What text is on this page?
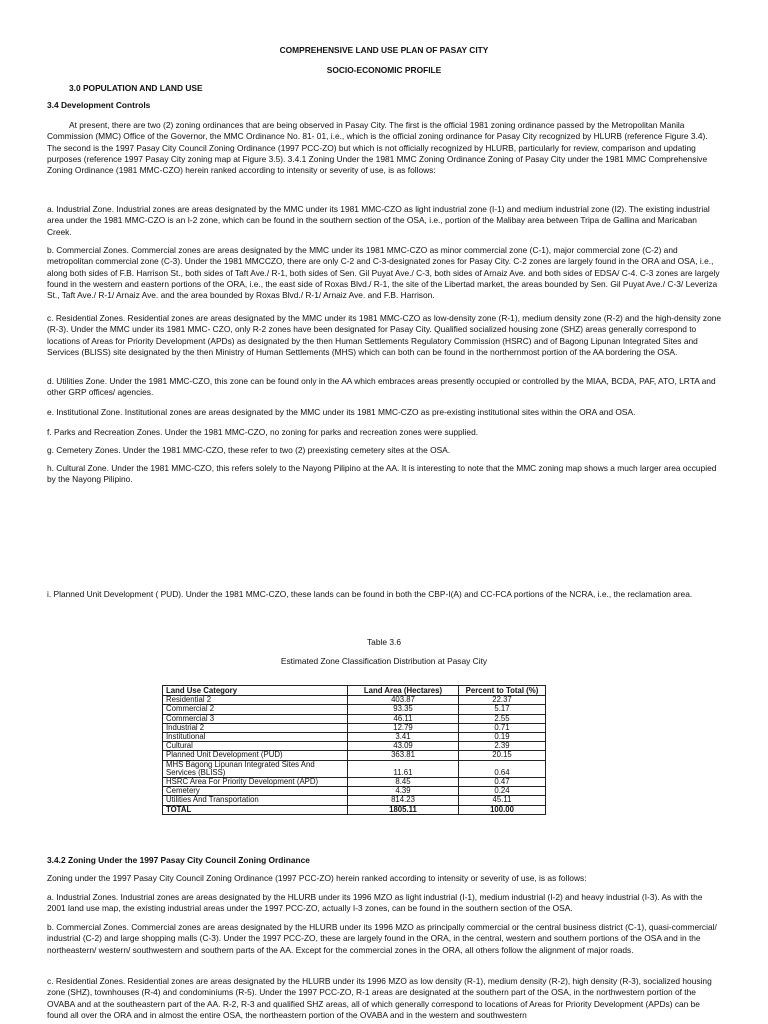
COMPREHENSIVE LAND USE PLAN OF PASAY CITY
SOCIO-ECONOMIC PROFILE
3.0 POPULATION AND LAND USE
3.4 Development Controls

At present, there are two (2) zoning ordinances that are being observed in Pasay City. The first is the official 1981 zoning ordinance passed by the Metropolitan Manila Commission (MMC) Office of the Governor, the MMC Ordinance No. 81- 01, i.e., which is the official zoning ordinance for Pasay City recognized by HLURB (reference Figure 3.4). The second is the 1997 Pasay City Council Zoning Ordinance (1997 PCC-ZO) but which is not officially recognized by HLURB, particularly for review, comparison and updating purposes (reference 1997 Pasay City zoning map at Figure 3.5). 3.4.1 Zoning Under the 1981 MMC Zoning Ordinance Zoning of Pasay City under the 1981 MMC Comprehensive Zoning Ordinance (1981 MMC-CZO) herein ranked according to intensity or severity of use, is as follows:

a. Industrial Zone. Industrial zones are areas designated by the MMC under its 1981 MMC-CZO as light industrial zone (I-1) and medium industrial zone (I2). The existing industrial area under the 1981 MMC-CZO is an I-2 zone, which can be found in the southern section of the OSA, i.e., portion of the Malibay area between Tripa de Gallina and Maricaban Creek.

b. Commercial Zones. Commercial zones are areas designated by the MMC under its 1981 MMC-CZO as minor commercial zone (C-1), major commercial zone (C-2) and metropolitan commercial zone (C-3). Under the 1981 MMCCZO, there are only C-2 and C-3-designated zones for Pasay City. C-2 zones are largely found in the ORA and OSA, i.e., along both sides of F.B. Harrison St., both sides of Taft Ave./ R-1, both sides of Sen. Gil Puyat Ave./ C-3, both sides of Arnaiz Ave. and both sides of EDSA/ C-4. C-3 zones are largely found in the western and eastern portions of the ORA, i.e., the east side of Roxas Blvd./ R-1, the site of the Libertad market, the areas bounded by Sen. Gil Puyat Ave./ C-3/ Leveriza St., Taft Ave./ R-1/ Arnaiz Ave. and the area bounded by Roxas Blvd./ R-1/ Arnaiz Ave. and F.B. Harrison.

c. Residential Zones. Residential zones are areas designated by the MMC under its 1981 MMC-CZO as low-density zone (R-1), medium density zone (R-2) and the high-density zone (R-3). Under the MMC under its 1981 MMC- CZO, only R-2 zones have been designated for Pasay City. Qualified socialized housing zone (SHZ) areas generally correspond to locations of Areas for Priority Development (APDs) as designated by the then Human Settlements Regulatory Commission (HSRC) and of Bagong Lipunan Integrated Sites and Services (BLISS) site designated by the then Ministry of Human Settlements (MHS) which can both can be found in the northernmost portion of the AA bordering the OSA.

d. Utilities Zone. Under the 1981 MMC-CZO, this zone can be found only in the AA which embraces areas presently occupied or controlled by the MIAA, BCDA, PAF, ATO, LRTA and other GRP offices/ agencies.

e. Institutional Zone. Institutional zones are areas designated by the MMC under its 1981 MMC-CZO as pre-existing institutional sites within the ORA and OSA.

f. Parks and Recreation Zones. Under the 1981 MMC-CZO, no zoning for parks and recreation zones were supplied.

g. Cemetery Zones. Under the 1981 MMC-CZO, these refer to two (2) preexisting cemetery sites at the OSA.

h. Cultural Zone. Under the 1981 MMC-CZO, this refers solely to the Nayong Pilipino at the AA. It is interesting to note that the MMC zoning map shows a much larger area occupied by the Nayong Pilipino.

i. Planned Unit Development ( PUD). Under the 1981 MMC-CZO, these lands can be found in both the CBP-I(A) and CC-FCA portions of the NCRA, i.e., the reclamation area.

Table 3.6
Estimated Zone Classification Distribution at Pasay City
Land Use Category	Land Area (Hectares)	Percent to Total (%)
Residential 2	403.87	22.37
Commercial 2	93.35	5.17
Commercial 3	46.11	2.55
Industrial 2	12.79	0.71
Institutional	3.41	0.19
Cultural	43.09	2.39
Planned Unit Development (PUD)	363.81	20.15
MHS Bagong Lipunan Integrated Sites And Services (BLISS)	11.61	0.64
HSRC Area For Priority Development (APD)	8.45	0.47
Cemetery	4.39	0.24
Utilities And Transportation	814.23	45.11
TOTAL	1805.11	100.00
3.4.2 Zoning Under the 1997 Pasay City Council Zoning Ordinance

Zoning under the 1997 Pasay City Council Zoning Ordinance (1997 PCC-ZO) herein ranked according to intensity or severity of use, is as follows:

a. Industrial Zones. Industrial zones are areas designated by the HLURB under its 1996 MZO as light industrial (I-1), medium industrial (I-2) and heavy industrial (I-3). As with the 2001 land use map, the existing industrial areas under the 1997 PCC-ZO, actually I-3 zones, can be found in the southern section of the OSA.

b. Commercial Zones. Commercial zones are areas designated by the HLURB under its 1996 MZO as principally commercial or the central business district (C-1), quasi-commercial/ industrial (C-2) and large shopping malls (C-3). Under the 1997 PCC-ZO, these are largely found in the ORA, in the central, western and southern portions of the OSA and in the northeastern/ western/ southwestern and southern parts of the AA. Except for the commercial zones in the ORA, all others follow the alignment of major roads.

c. Residential Zones. Residential zones are areas designated by the HLURB under its 1996 MZO as low density (R-1), medium density (R-2), high density (R-3), socialized housing zone (SHZ), townhouses (R-4) and condominiums (R-5). Under the 1997 PCC-ZO, R-1 areas are designated at the southern part of the OSA, in the northwestern portion of the OVABA and at the southeastern part of the AA. R-2, R-3 and qualified SHZ areas, all of which generally correspond to locations of Areas for Priority Development (APDs) can be found all over the ORA and in almost the entire OSA, the northeastern portion of the OVABA and in the western and southwestern
